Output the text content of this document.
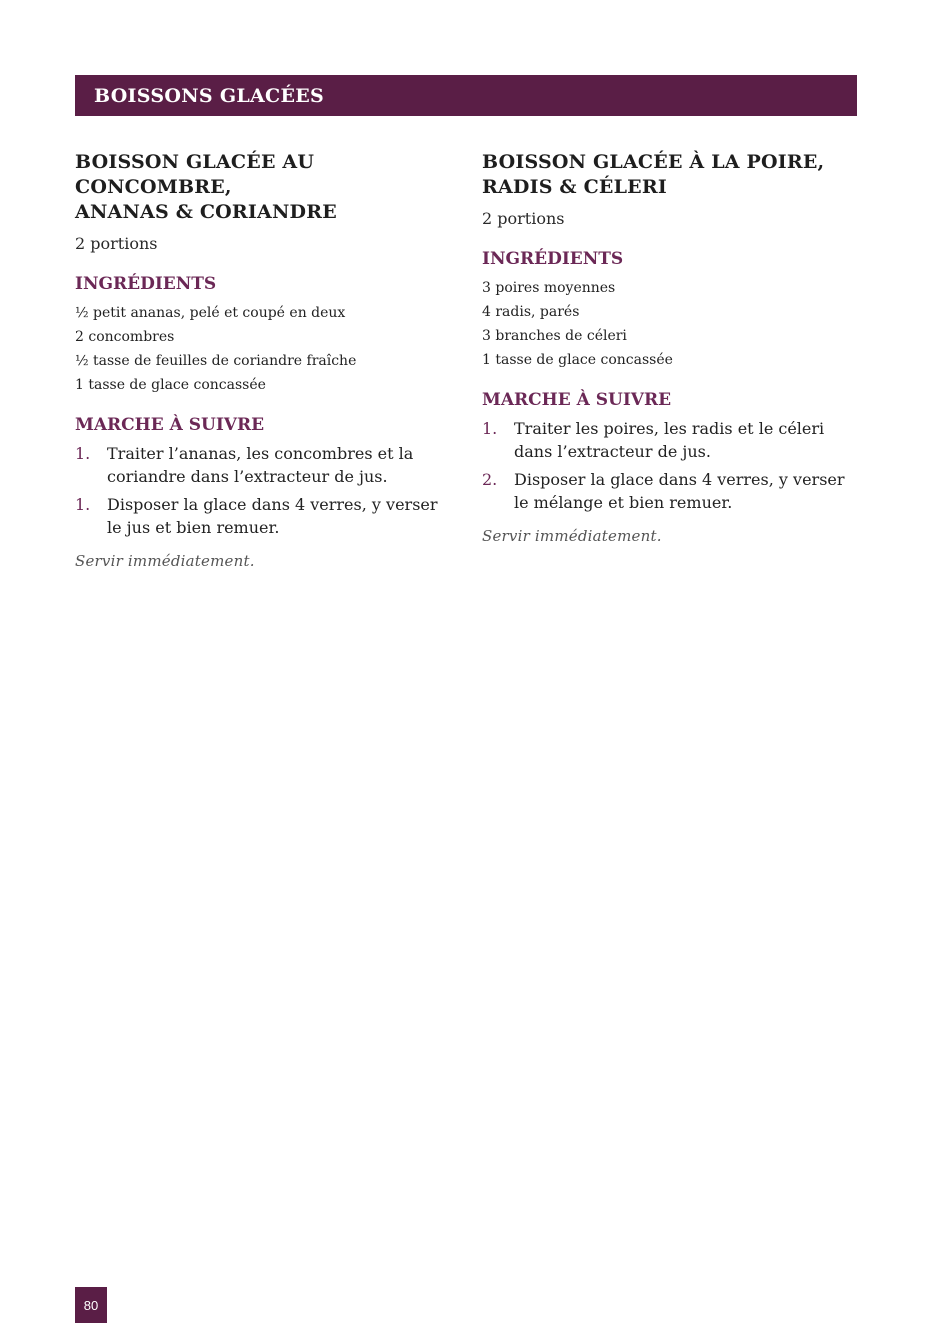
BOISSONS GLACÉES
BOISSON GLACÉE AU CONCOMBRE,
ANANAS & CORIANDRE

2 portions

INGRÉDIENTS
½ petit ananas, pelé et coupé en deux
2 concombres
½ tasse de feuilles de coriandre fraîche
1 tasse de glace concassée
MARCHE À SUIVRE
1.	Traiter l’ananas, les concombres et la coriandre dans l’extracteur de jus.
1.	Disposer la glace dans 4 verres, y verser le jus et bien remuer.

Servir immédiatement.

BOISSON GLACÉE À LA POIRE,
RADIS & CÉLERI

2 portions

INGRÉDIENTS
3 poires moyennes
4 radis, parés
3 branches de céleri
1 tasse de glace concassée
MARCHE À SUIVRE
1.	Traiter les poires, les radis et le céleri dans l’extracteur de jus.
2.	Disposer la glace dans 4 verres, y verser le mélange et bien remuer.

Servir immédiatement.

80
